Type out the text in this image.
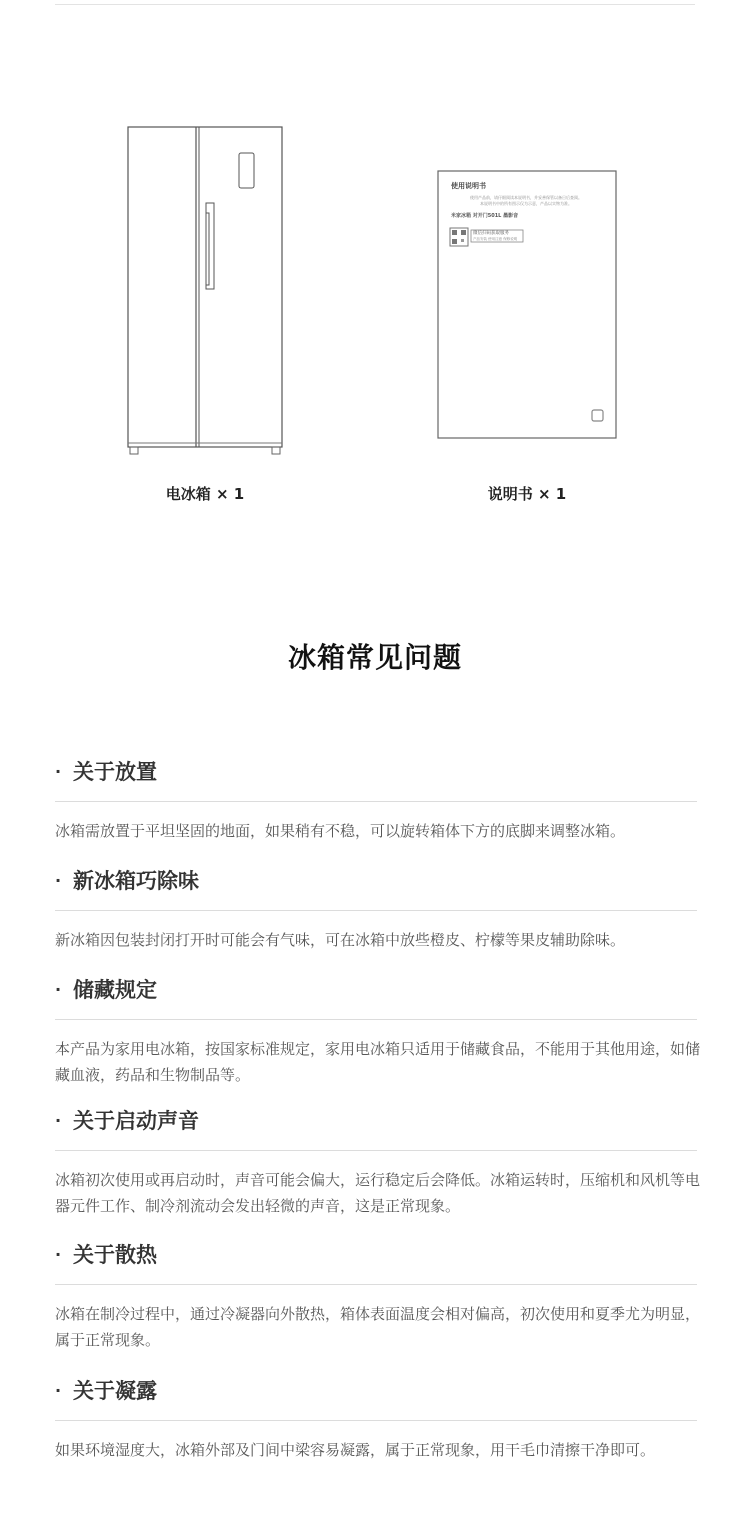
电冰箱 × 1
使用说明书
使用产品前，请仔细阅读本说明书，并妥善保管以备日后查阅。
本说明书中的所有图示仅为示意，产品以实物为准。
米家冰箱 对开门501L 墨影音
微信扫码获取服务
产品安装 使用注意 保修说明
说明书 × 1
冰箱常见问题
· 关于放置
冰箱需放置于平坦坚固的地面，如果稍有不稳，可以旋转箱体下方的底脚来调整冰箱。
· 新冰箱巧除味
新冰箱因包装封闭打开时可能会有气味，可在冰箱中放些橙皮、柠檬等果皮辅助除味。
· 储藏规定
本产品为家用电冰箱，按国家标准规定，家用电冰箱只适用于储藏食品，不能用于其他用途，如储藏血液，药品和生物制品等。
· 关于启动声音
冰箱初次使用或再启动时，声音可能会偏大，运行稳定后会降低。冰箱运转时，压缩机和风机等电器元件工作、制冷剂流动会发出轻微的声音，这是正常现象。
· 关于散热
冰箱在制冷过程中，通过冷凝器向外散热，箱体表面温度会相对偏高，初次使用和夏季尤为明显，属于正常现象。
· 关于凝露
如果环境湿度大，冰箱外部及门间中梁容易凝露，属于正常现象，用干毛巾清擦干净即可。
